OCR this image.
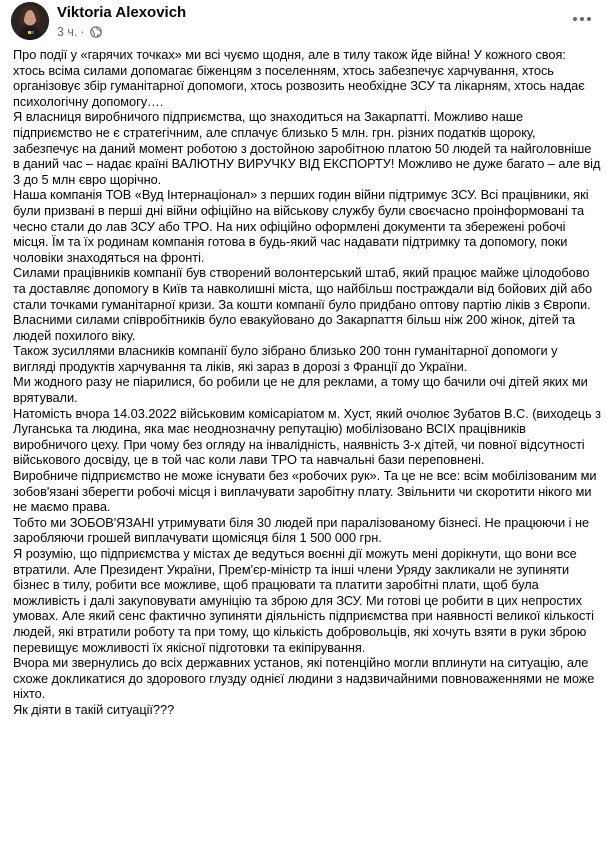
Viktoria Alexovich
3 ч. ·

Про події у «гарячих точках» ми всі чуємо щодня, але в тилу також йде війна! У кожного своя: хтось всіма силами допомагає біженцям з поселенням, хтось забезпечує харчування, хтось організовує збір гуманітарної допомоги, хтось розвозить необхідне ЗСУ та лікарням, хтось надає психологічну допомогу….

Я власниця виробничого підприємства, що знаходиться на Закарпатті. Можливо наше підприємство не є стратегічним, але сплачує близько 5 млн. грн. різних податків щороку, забезпечує на даний момент роботою з достойною заробітною платою 50 людей та найголовніше в даний час – надає країні ВАЛЮТНУ ВИРУЧКУ ВІД ЕКСПОРТУ! Можливо не дуже багато – але від 3 до 5 млн євро щорічно.

Наша компанія ТОВ «Вуд Інтернаціонал» з перших годин війни підтримує ЗСУ. Всі працівники, які були призвані в перші дні війни офіційно на військову службу були своєчасно проінформовані та чесно стали до лав ЗСУ або ТРО. На них офіційно оформлені документи та збережені робочі місця. Їм та їх родинам компанія готова в будь-який час надавати підтримку та допомогу, поки чоловіки знаходяться на фронті.

Силами працівників компанії був створений волонтерський штаб, який працює майже цілодобово та доставляє допомогу в Київ та навколишні міста, що найбільш постраждали від бойових дій або стали точками гуманітарної кризи. За кошти компанії було придбано оптову партію ліків з Європи. Власними силами співробітників було евакуйовано до Закарпаття більш ніж 200 жінок, дітей та людей похилого віку.

Також зусиллями власників компанії було зібрано близько 200 тонн гуманітарної допомоги у вигляді продуктів харчування та ліків, які зараз в дорозі з Франції до України.

Ми жодного разу не піарилися, бо робили це не для реклами, а тому що бачили очі дітей яких ми врятували.

Натомість вчора 14.03.2022 військовим комісаріатом м. Хуст, який очолює Зубатов В.С. (виходець з Луганська та людина, яка має неоднозначну репутацію) мобілізовано ВСІХ працівників виробничого цеху. При чому без огляду на інвалідність, наявність 3-х дітей, чи повної відсутності військового досвіду, це в той час коли лави ТРО та навчальні бази переповнені.

Виробниче підприємство не може існувати без «робочих рук». Та це не все: всім мобілізованим ми зобов'язані зберегти робочі місця і виплачувати заробітну плату. Звільнити чи скоротити нікого ми не маємо права.

Тобто ми ЗОБОВ'ЯЗАНІ утримувати біля 30 людей при паралізованому бізнесі. Не працюючи і не заробляючи грошей виплачувати щомісяця біля 1 500 000 грн.

Я розумію, що підприємства у містах де ведуться воєнні дії можуть мені дорікнути, що вони все втратили. Але Президент України, Прем'єр-міністр та інші члени Уряду закликали не зупиняти бізнес в тилу, робити все можливе, щоб працювати та платити заробітні плати, щоб була можливість і далі закуповувати амуніцію та зброю для ЗСУ. Ми готові це робити в цих непростих умовах. Але який сенс фактично зупиняти діяльність підприємства при наявності великої кількості людей, які втратили роботу та при тому, що кількість добровольців, які хочуть взяти в руки зброю перевищує можливості їх якісної підготовки та екіпірування.

Вчора ми звернулись до всіх державних установ, які потенційно могли вплинути на ситуацію, але схоже докликатися до здорового глузду однієї людини з надзвичайними повноваженнями не може ніхто.

Як діяти в такій ситуації???
